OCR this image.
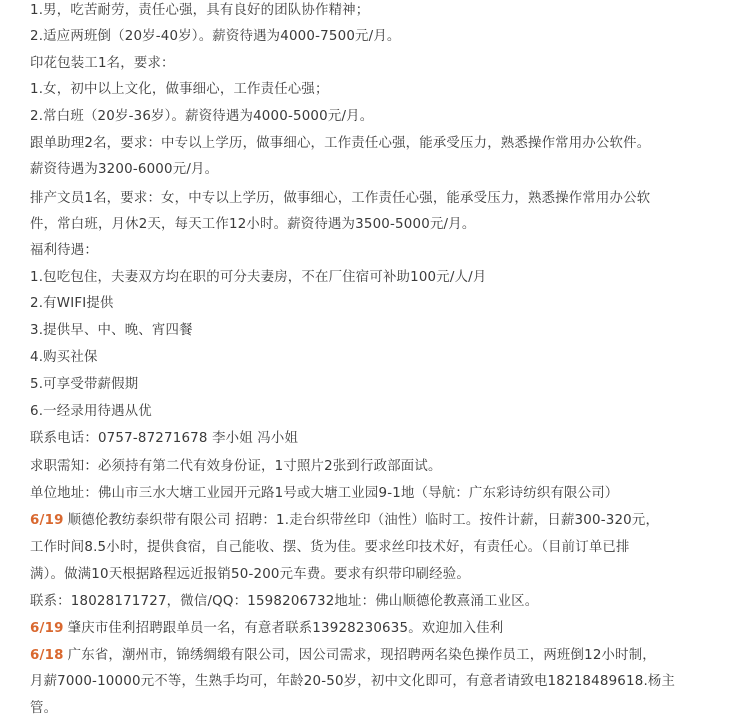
1.男，吃苦耐劳，责任心强，具有良好的团队协作精神；
2.适应两班倒（20岁-40岁）。薪资待遇为4000-7500元/月。
印花包装工1名，要求：
1.女，初中以上文化，做事细心，工作责任心强；
2.常白班（20岁-36岁）。薪资待遇为4000-5000元/月。
跟单助理2名，要求：中专以上学历，做事细心，工作责任心强，能承受压力，熟悉操作常用办公软件。
薪资待遇为3200-6000元/月。
排产文员1名，要求：女，中专以上学历，做事细心，工作责任心强，能承受压力，熟悉操作常用办公软
件，常白班，月休2天，每天工作12小时。薪资待遇为3500-5000元/月。
福利待遇：
1.包吃包住，夫妻双方均在职的可分夫妻房，不在厂住宿可补助100元/人/月
2.有WIFI提供
3.提供早、中、晚、宵四餐
4.购买社保
5.可享受带薪假期
6.一经录用待遇从优
联系电话：0757-87271678 李小姐 冯小姐
求职需知：必须持有第二代有效身份证，1寸照片2张到行政部面试。
单位地址：佛山市三水大塘工业园开元路1号或大塘工业园9-1地（导航：广东彩诗纺织有限公司）
6/19 顺德伦教纺泰织带有限公司 招聘：1.走台织带丝印（油性）临时工。按件计薪，日薪300-320元，
工作时间8.5小时，提供食宿，自己能收、摆、货为佳。要求丝印技术好，有责任心。（目前订单已排
满）。做满10天根据路程远近报销50-200元车费。要求有织带印刷经验。
联系：18028171727，微信/QQ：1598206732地址：佛山顺德伦教熹涌工业区。
6/19 肇庆市佳利招聘跟单员一名，有意者联系13928230635。欢迎加入佳利
6/18 广东省，潮州市，锦绣绸缎有限公司，因公司需求，现招聘两名染色操作员工，两班倒12小时制，
月薪7000-10000元不等，生熟手均可，年龄20-50岁，初中文化即可，有意者请致电18218489618.杨主
管。
